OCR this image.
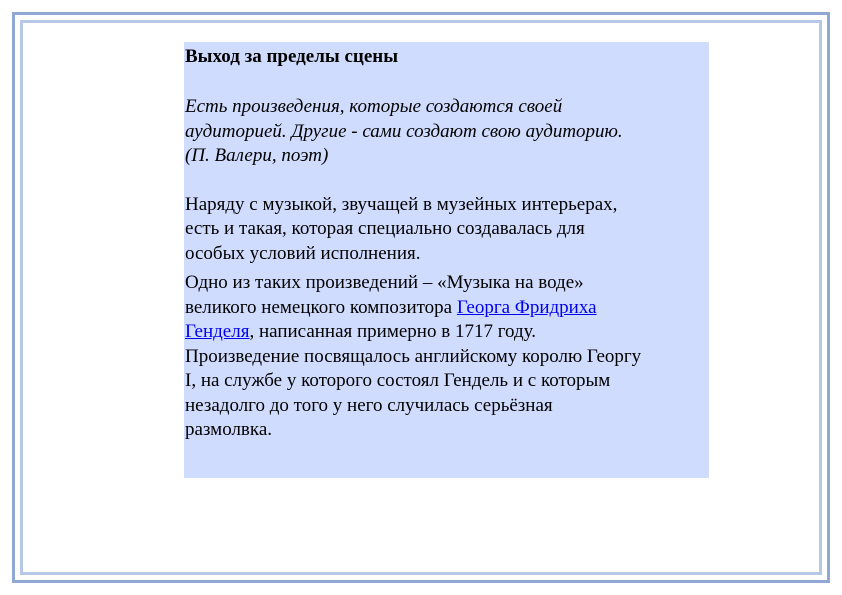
Выход за пределы сцены

Есть произведения, которые создаются своей
аудиторией. Другие - сами создают свою аудиторию.
(П. Валери, поэт)

Наряду с музыкой, звучащей в музейных интерьерах,
есть и такая, которая специально создавалась для
особых условий исполнения.

Одно из таких произведений – «Музыка на воде»
великого немецкого композитора Георга Фридриха
Генделя, написанная примерно в 1717 году.
Произведение посвящалось английскому королю Георгу
I, на службе у которого состоял Гендель и с которым
незадолго до того у него случилась серьёзная
размолвка.
